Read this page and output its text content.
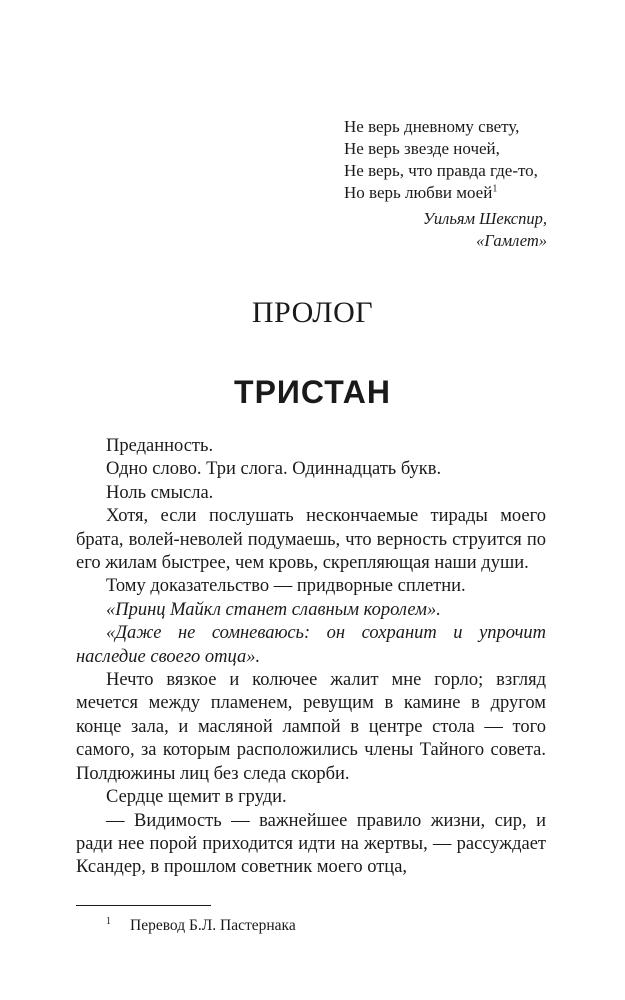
Не верь дневному свету,
Не верь звезде ночей,
Не верь, что правда где-то,
Но верь любви моей$^1$
Уильям Шекспир,
«Гамлет»
ПРОЛОГ
ТРИСТАН

Преданность.

Одно слово. Три слога. Одиннадцать букв.

Ноль смысла.

Хотя, если послушать нескончаемые тирады моего брата, волей-неволей подумаешь, что верность струится по его жилам быстрее, чем кровь, скрепляющая наши души.

Тому доказательство — придворные сплетни.

«Принц Майкл станет славным королем».

«Даже не сомневаюсь: он сохранит и упрочит наследие своего отца».

Нечто вязкое и колючее жалит мне горло; взгляд мечется между пламенем, ревущим в камине в другом конце зала, и масляной лампой в центре стола — того самого, за которым расположились члены Тайного совета. Полдюжины лиц без следа скорби.

Сердце щемит в груди.

— Видимость — важнейшее правило жизни, сир, и ради нее порой приходится идти на жертвы, — рассуждает Ксандер, в прошлом советник моего отца,

1 Перевод Б.Л. Пастернака
